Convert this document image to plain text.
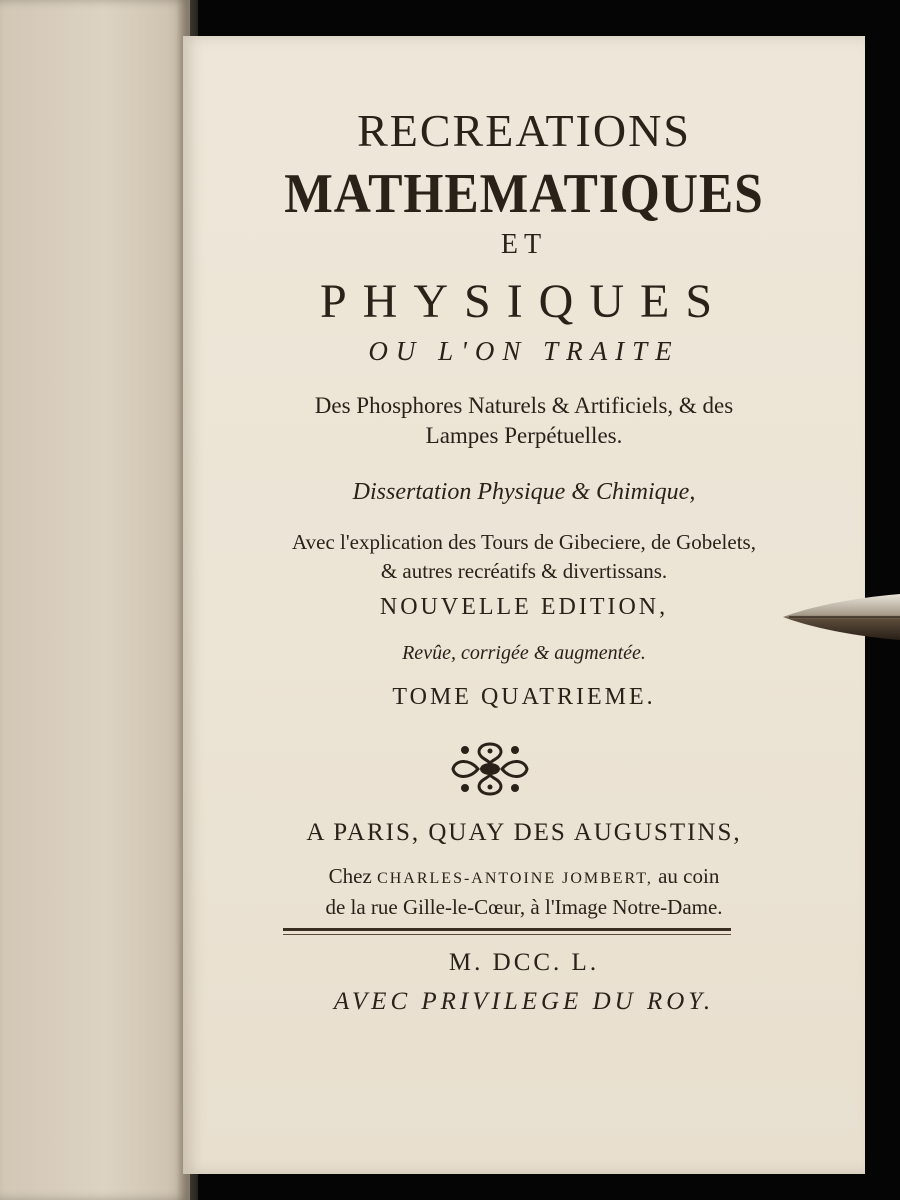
RECREATIONS

MATHEMATIQUES

ET

PHYSIQUES

OU L'ON TRAITE

Des Phosphores Naturels & Artificiels, & des
Lampes Perpétuelles.

Dissertation Physique & Chimique,

Avec l'explication des Tours de Gibeciere, de Gobelets,
& autres recréatifs & divertissans.

NOUVELLE EDITION,

Revûe, corrigée & augmentée.

TOME QUATRIEME.

A PARIS, QUAY DES AUGUSTINS,

Chez CHARLES-ANTOINE JOMBERT, au coin
de la rue Gille-le-Cœur, à l'Image Notre-Dame.

M. DCC. L.

AVEC PRIVILEGE DU ROY.
